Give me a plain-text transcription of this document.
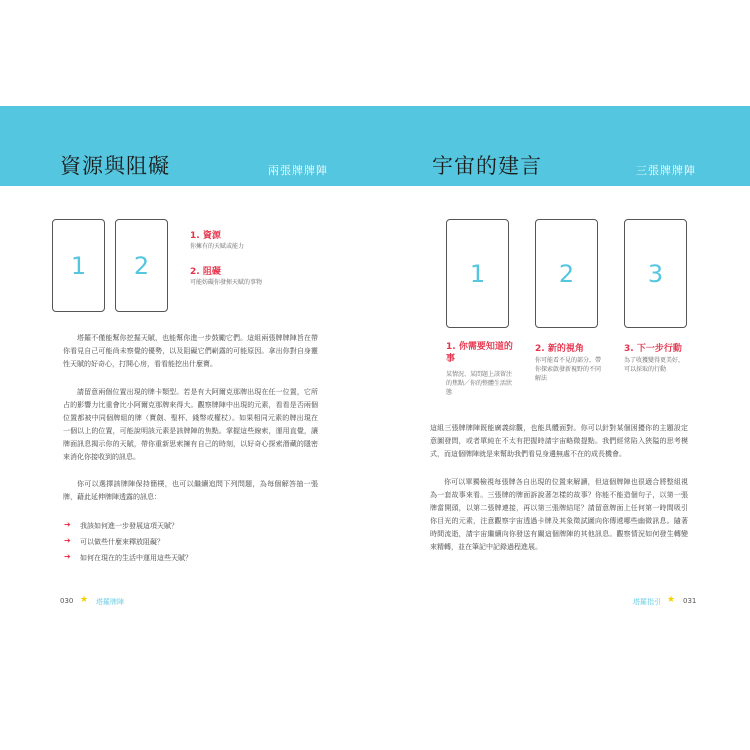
資源與阻礙	兩張牌牌陣
1 2
1. 資源
你擁有的天賦或能力
2. 阻礙
可能妨礙你發揮天賦的事物

塔羅不僅能幫你挖掘天賦，也能幫你進一步鼓勵它們。這組兩張牌牌陣旨在帶你看見自己可能尚未察覺的優勢，以及阻礙它們嶄露的可能原因。拿出你對自身靈性天賦的好奇心，打開心房，看看能挖出什麼寶。

請留意兩個位置出現的牌卡類型。若是有大阿爾克那牌出現在任一位置，它所占的影響力比重會比小阿爾克那牌來得大。觀察牌陣中出現的元素，看看是否兩個位置都被中同個牌組的牌（寶劍、聖杯、錢幣或權杖）。如果相同元素的牌出現在一個以上的位置，可能說明該元素是該牌陣的焦點。掌握這些線索，運用直覺，讓牌面訊息揭示你的天賦，帶你重新思索擁有自己的時刻，以好奇心探索潛藏的隱密來消化你接收到的訊息。

你可以選擇該牌陣保持簡樸，也可以繼續追問下列問題，為每個解答抽一張牌，藉此延伸牌陣透露的訊息：

➔ 我該如何進一步發展這項天賦？
➔ 可以做些什麼來釋放阻礙？
➔ 如何在現在的生活中運用這些天賦？
030 ★ 塔羅牌陣
宇宙的建言	三張牌牌陣
1	2	3
1. 你需要知道的事
某情況、某問題上該留注的焦點／你的整體生活狀態
2. 新的視角
你可能看不見的部分，帶你探索啟發新視野的不同解法
3. 下一步行動
為了收獲變得更美好，可以採取的行動

這組三張牌牌陣既能廣義綜觀，也能具體面對。你可以針對某個困擾你的主題設定意圖發問，或者單純在不太有把握時請宇宙略微提點。我們經常陷入狹隘的思考模式，而這個牌陣就是來幫助我們看見身邊無處不在的成長機會。

你可以單獨檢視每張牌各自出現的位置來解讀，但這個牌陣也很適合將整組視為一套故事來看。三張牌的牌面訴說著怎樣的故事？你能不能造個句子，以第一張牌當開頭，以第二張牌連接，再以第三張牌結尾？請留意牌面上任何第一時間吸引你目光的元素，注意觀察宇宙透過卡牌及其象徵試圖向你傳遞哪些幽微訊息。隨著時間流逝，請宇宙繼續向你發送有關這個牌陣的其他訊息。觀察情況如何發生轉變來精轉，並在筆記中記錄過程進展。

塔羅指引 ★ 031
